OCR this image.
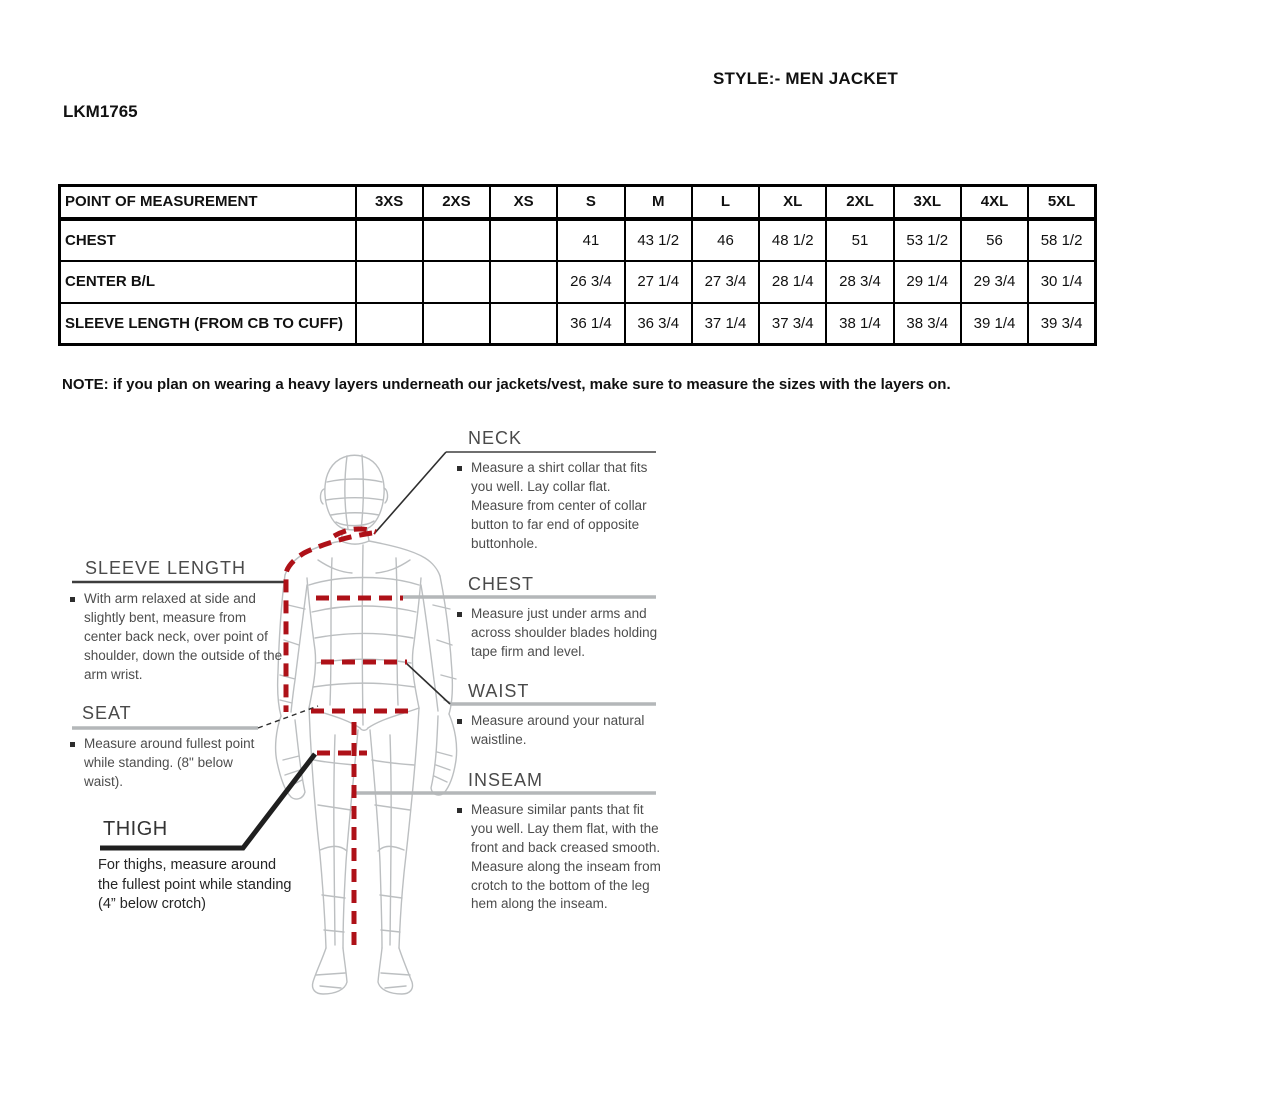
STYLE:- MEN JACKET
LKM1765
POINT OF MEASUREMENT	3XS	2XS	XS	S	M	L	XL	2XL	3XL	4XL	5XL
CHEST				41	43 1/2	46	48 1/2	51	53 1/2	56	58 1/2
CENTER B/L				26 3/4	27 1/4	27 3/4	28 1/4	28 3/4	29 1/4	29 3/4	30 1/4
SLEEVE LENGTH (FROM CB TO CUFF)				36 1/4	36 3/4	37 1/4	37 3/4	38 1/4	38 3/4	39 1/4	39 3/4
NOTE: if you plan on wearing a heavy layers underneath our jackets/vest, make sure to measure the sizes with the layers on.
NECK
Measure a shirt collar that fits you well. Lay collar flat. Measure from center of collar button to far end of opposite buttonhole.
CHEST
Measure just under arms and across shoulder blades holding tape firm and level.
WAIST
Measure around your natural waistline.
INSEAM
Measure similar pants that fit you well. Lay them flat, with the front and back creased smooth. Measure along the inseam from crotch to the bottom of the leg hem along the inseam.
SLEEVE LENGTH
With arm relaxed at side and slightly bent, measure from center back neck, over point of shoulder, down the outside of the arm wrist.
SEAT
Measure around fullest point while standing. (8" below waist).
THIGH
For thighs, measure around the fullest point while standing (4” below crotch)
